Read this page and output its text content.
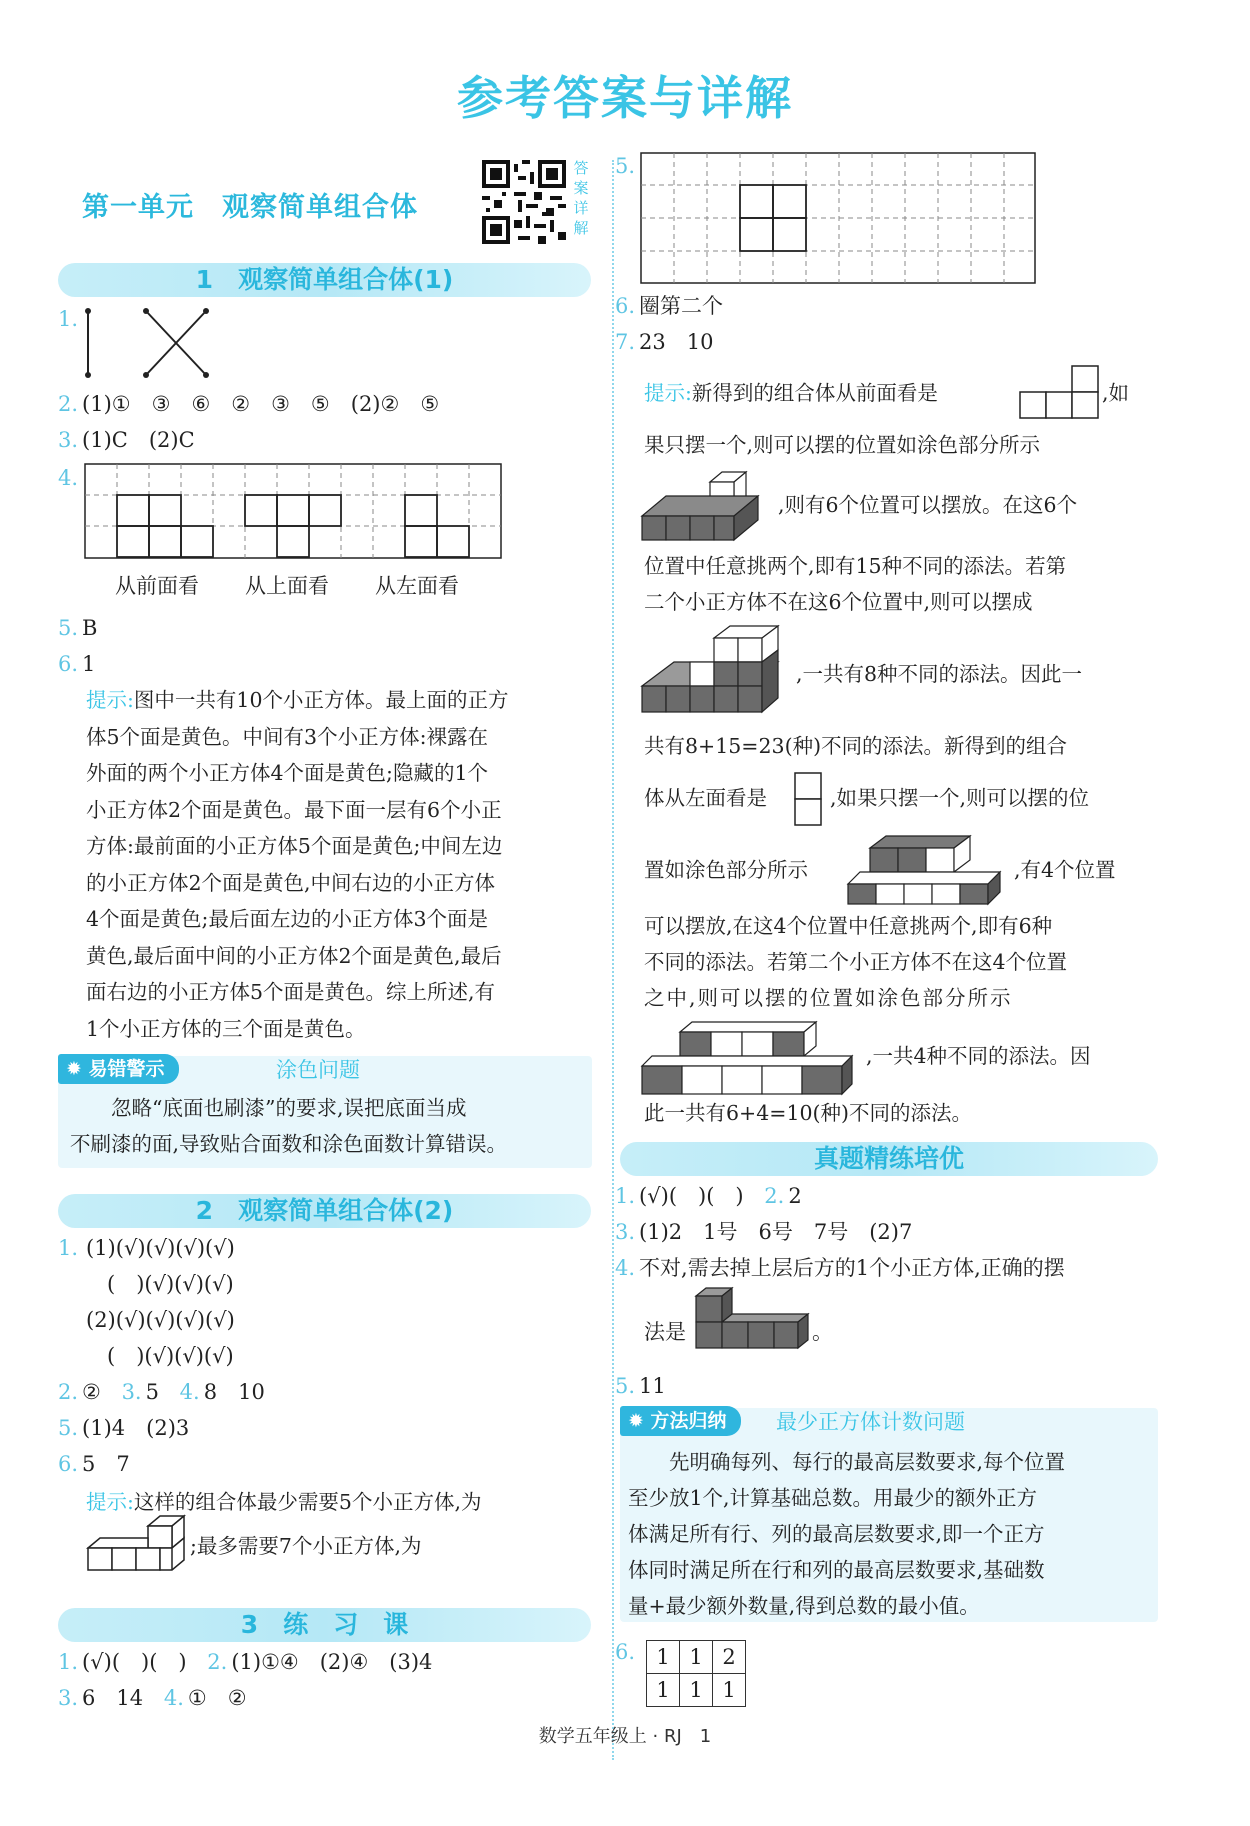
参考答案与详解
第一单元　观察简单组合体
答案详解
1　观察简单组合体(1)
1.
2. (1)①　③　⑥　②　③　⑤　(2)②　⑤
3. (1)C　(2)C
4.
从前面看 从上面看 从左面看
5. B
6. 1
提示:图中一共有10个小正方体。最上面的正方
体5个面是黄色。中间有3个小正方体:裸露在
外面的两个小正方体4个面是黄色;隐藏的1个
小正方体2个面是黄色。最下面一层有6个小正
方体:最前面的小正方体5个面是黄色;中间左边
的小正方体2个面是黄色,中间右边的小正方体
4个面是黄色;最后面左边的小正方体3个面是
黄色,最后面中间的小正方体2个面是黄色,最后
面右边的小正方体5个面是黄色。综上所述,有
1个小正方体的三个面是黄色。
✹ 易错警示	涂色问题
　　忽略“底面也刷漆”的要求,误把底面当成
不刷漆的面,导致贴合面数和涂色面数计算错误。
2　观察简单组合体(2)
1. (1)(√)(√)(√)(√)
　(　)(√)(√)(√)
(2)(√)(√)(√)(√)
　(　)(√)(√)(√)
2. ② 3. 5 4. 8　10
5. (1)4　(2)3
6. 5　7
提示:这样的组合体最少需要5个小正方体,为
;最多需要7个小正方体,为
3　练　习　课
1. (√)(　)(　) 2. (1)①④　(2)④　(3)4
3. 6　14 4. ①　②
5.
6. 圈第二个
7. 23　10
提示:新得到的组合体从前面看是	,如
果只摆一个,则可以摆的位置如涂色部分所示
,则有6个位置可以摆放。在这6个
位置中任意挑两个,即有15种不同的添法。若第
二个小正方体不在这6个位置中,则可以摆成
,一共有8种不同的添法。因此一
共有8+15=23(种)不同的添法。新得到的组合
体从左面看是	,如果只摆一个,则可以摆的位
置如涂色部分所示	,有4个位置
可以摆放,在这4个位置中任意挑两个,即有6种
不同的添法。若第二个小正方体不在这4个位置
之中,则可以摆的位置如涂色部分所示
,一共4种不同的添法。因
此一共有6+4=10(种)不同的添法。
真题精练培优
1. (√)(　)(　) 2. 2
3. (1)2　1号　6号　7号　(2)7
4. 不对,需去掉上层后方的1个小正方体,正确的摆
法是	。
5. 11
✹ 方法归纳	最少正方体计数问题
　　先明确每列、每行的最高层数要求,每个位置
至少放1个,计算基础总数。用最少的额外正方
体满足所有行、列的最高层数要求,即一个正方
体同时满足所在行和列的最高层数要求,基础数
量+最少额外数量,得到总数的最小值。
6. 1	1	2
1	1	1
数学五年级上 · RJ　1
